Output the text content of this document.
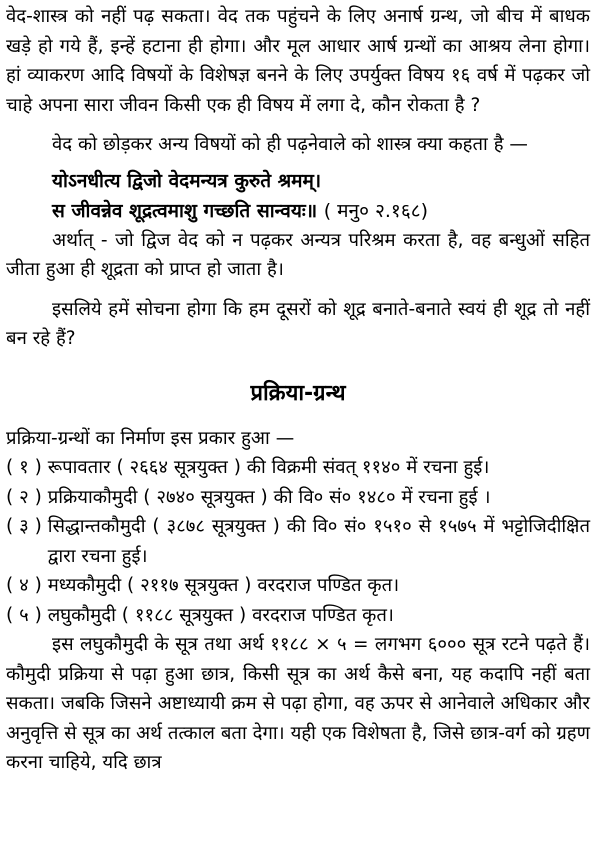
वेद-शास्त्र को नहीं पढ़ सकता। वेद तक पहुंचने के लिए अनार्ष ग्रन्थ, जो बीच में बाधक खड़े हो गये हैं, इन्हें हटाना ही होगा। और मूल आधार आर्ष ग्रन्थों का आश्रय लेना होगा। हां व्याकरण आदि विषयों के विशेषज्ञ बनने के लिए उपर्युक्त विषय १६ वर्ष में पढ़कर जो चाहे अपना सारा जीवन किसी एक ही विषय में लगा दे, कौन रोकता है ?

वेद को छोड़कर अन्य विषयों को ही पढ़नेवाले को शास्त्र क्या कहता है —

योऽनधीत्य द्विजो वेदमन्यत्र कुरुते श्रमम्।
स जीवन्नेव शूद्रत्वमाशु गच्छति सान्वयः॥ ( मनु० २.१६८)

अर्थात् - जो द्विज वेद को न पढ़कर अन्यत्र परिश्रम करता है, वह बन्धुओं सहित जीता हुआ ही शूद्रता को प्राप्त हो जाता है।

इसलिये हमें सोचना होगा कि हम दूसरों को शूद्र बनाते-बनाते स्वयं ही शूद्र तो नहीं बन रहे हैं?

प्रक्रिया-ग्रन्थ

प्रक्रिया-ग्रन्थों का निर्माण इस प्रकार हुआ —

( १ ) रूपावतार ( २६६४ सूत्रयुक्त ) की विक्रमी संवत् ११४० में रचना हुई।
( २ ) प्रक्रियाकौमुदी ( २७४० सूत्रयुक्त ) की वि० सं० १४८० में रचना हुई ।
( ३ ) सिद्धान्तकौमुदी ( ३८७८ सूत्रयुक्त ) की वि० सं० १५१० से १५७५ में भट्टोजिदीक्षित द्वारा रचना हुई।
( ४ ) मध्यकौमुदी ( २११७ सूत्रयुक्त ) वरदराज पण्डित कृत।
( ५ ) लघुकौमुदी ( ११८८ सूत्रयुक्त ) वरदराज पण्डित कृत।

इस लघुकौमुदी के सूत्र तथा अर्थ ११८८ × ५ = लगभग ६००० सूत्र रटने पढ़ते हैं। कौमुदी प्रक्रिया से पढ़ा हुआ छात्र, किसी सूत्र का अर्थ कैसे बना, यह कदापि नहीं बता सकता। जबकि जिसने अष्टाध्यायी क्रम से पढ़ा होगा, वह ऊपर से आनेवाले अधिकार और अनुवृत्ति से सूत्र का अर्थ तत्काल बता देगा। यही एक विशेषता है, जिसे छात्र-वर्ग को ग्रहण करना चाहिये, यदि छात्र
